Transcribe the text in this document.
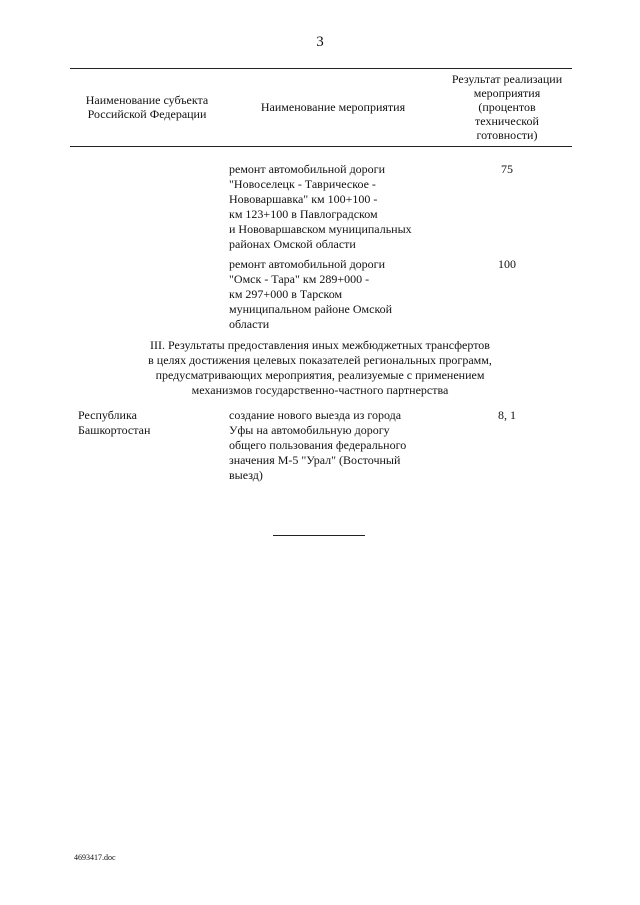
3
Наименование субъекта
Российской Федерации	Наименование мероприятия
Результат реализации
мероприятия
(процентов
технической
готовности)
ремонт автомобильной дороги
"Новоселецк - Таврическое -
Нововаршавка" км 100+100 -
км 123+100 в Павлоградском
и Нововаршавском муниципальных
районах Омской области
75
ремонт автомобильной дороги
"Омск - Тара" км 289+000 -
км 297+000 в Тарском
муниципальном районе Омской
области
100
III. Результаты предоставления иных межбюджетных трансфертов
в целях достижения целевых показателей региональных программ,
предусматривающих мероприятия, реализуемые с применением
механизмов государственно-частного партнерства
Республика
Башкортостан
создание нового выезда из города
Уфы на автомобильную дорогу
общего пользования федерального
значения М-5 "Урал" (Восточный
выезд)
8, 1
4693417.doc
